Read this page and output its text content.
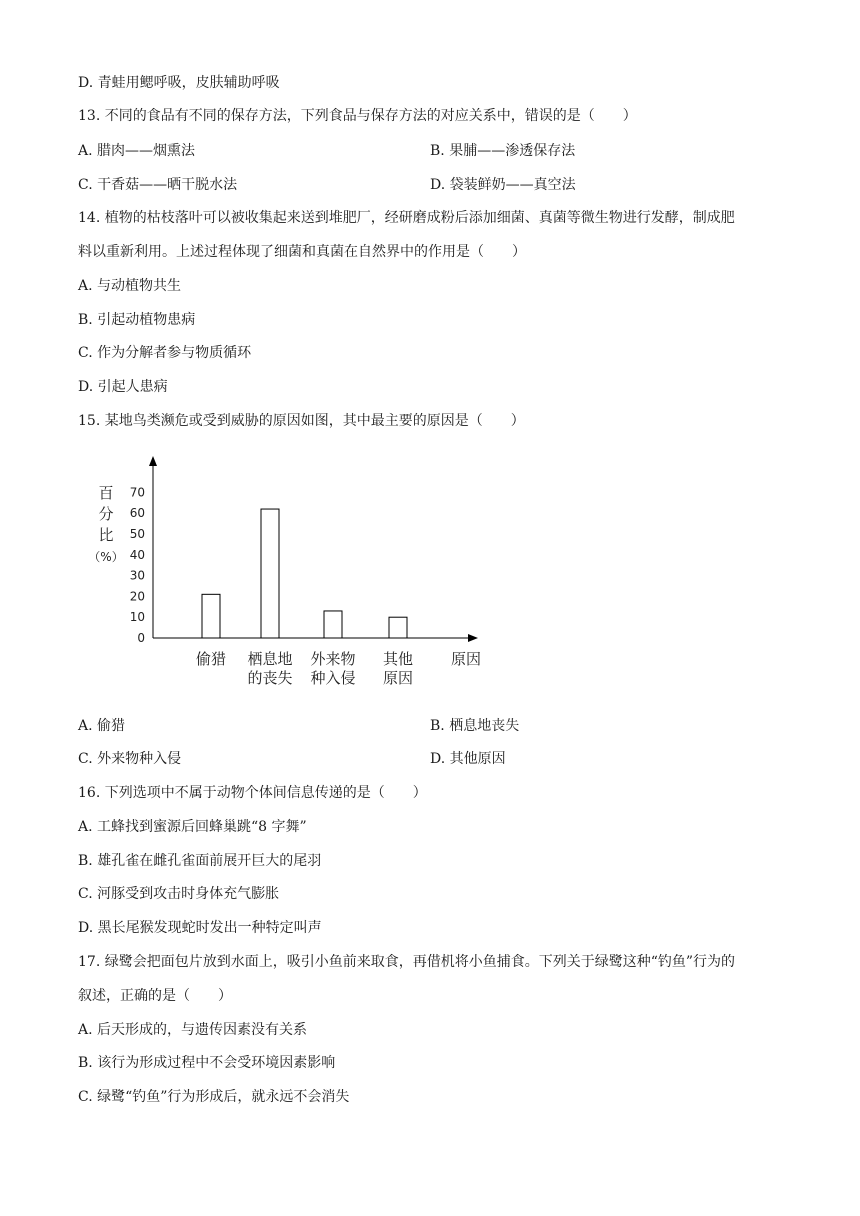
D. 青蛙用鳃呼吸，皮肤辅助呼吸
13. 不同的食品有不同的保存方法，下列食品与保存方法的对应关系中，错误的是（　　）
A. 腊肉——烟熏法	B. 果脯——渗透保存法
C. 干香菇——晒干脱水法	D. 袋装鲜奶——真空法
14. 植物的枯枝落叶可以被收集起来送到堆肥厂，经研磨成粉后添加细菌、真菌等微生物进行发酵，制成肥
料以重新利用。上述过程体现了细菌和真菌在自然界中的作用是（　　）
A. 与动植物共生
B. 引起动植物患病
C. 作为分解者参与物质循环
D. 引起人患病
15. 某地鸟类濒危或受到威胁的原因如图，其中最主要的原因是（　　）
百
分
比
（%）
0
10
20
30
40
50
60
70
偷猎 栖息地
的丧失
外来物
种入侵
其他
原因
原因
A. 偷猎	B. 栖息地丧失
C. 外来物种入侵	D. 其他原因
16. 下列选项中不属于动物个体间信息传递的是（　　）
A. 工蜂找到蜜源后回蜂巢跳“8 字舞”
B. 雄孔雀在雌孔雀面前展开巨大的尾羽
C. 河豚受到攻击时身体充气膨胀
D. 黑长尾猴发现蛇时发出一种特定叫声
17. 绿鹭会把面包片放到水面上，吸引小鱼前来取食，再借机将小鱼捕食。下列关于绿鹭这种“钓鱼”行为的
叙述，正确的是（　　）
A. 后天形成的，与遗传因素没有关系
B. 该行为形成过程中不会受环境因素影响
C. 绿鹭“钓鱼”行为形成后，就永远不会消失
